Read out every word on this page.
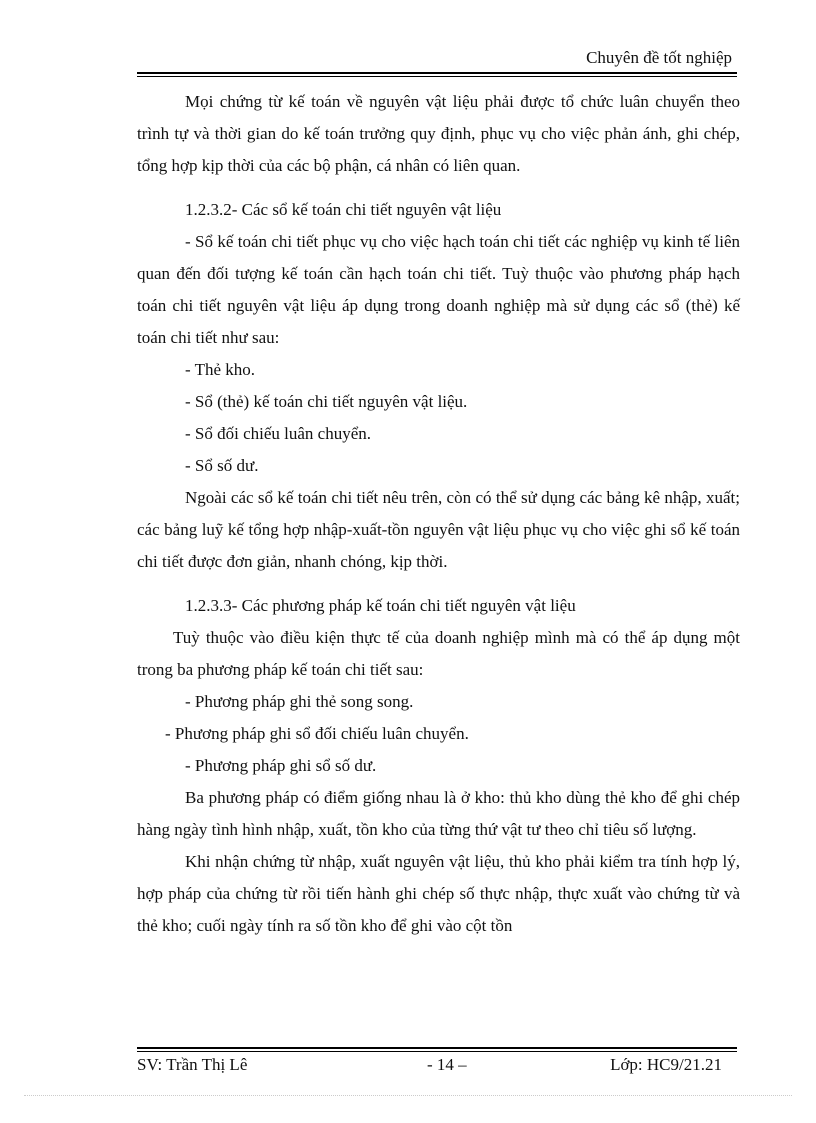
Chuyên đề tốt nghiệp

Mọi chứng từ kế toán về nguyên vật liệu phải được tổ chức luân chuyển theo trình tự và thời gian do kế toán trưởng quy định, phục vụ cho việc phản ánh, ghi chép, tổng hợp kịp thời của các bộ phận, cá nhân có liên quan.

1.2.3.2- Các sổ kế toán chi tiết nguyên vật liệu

- Sổ kế toán chi tiết phục vụ cho việc hạch toán chi tiết các nghiệp vụ kinh tế liên quan đến đối tượng kế toán cần hạch toán chi tiết. Tuỳ thuộc vào phương pháp hạch toán chi tiết nguyên vật liệu áp dụng trong doanh nghiệp mà sử dụng các sổ (thẻ) kế toán chi tiết như sau:

- Thẻ kho.

- Sổ (thẻ) kế toán chi tiết nguyên vật liệu.

- Sổ đối chiếu luân chuyển.

- Sổ số dư.

Ngoài các sổ kế toán chi tiết nêu trên, còn có thể sử dụng các bảng kê nhập, xuất; các bảng luỹ kế tổng hợp nhập-xuất-tồn nguyên vật liệu phục vụ cho việc ghi sổ kế toán chi tiết được đơn giản, nhanh chóng, kịp thời.

1.2.3.3- Các phương pháp kế toán chi tiết nguyên vật liệu

Tuỳ thuộc vào điều kiện thực tế của doanh nghiệp mình mà có thể áp dụng một trong ba phương pháp kế toán chi tiết sau:

- Phương pháp ghi thẻ song song.

- Phương pháp ghi sổ đối chiếu luân chuyển.

- Phương pháp ghi sổ số dư.

Ba phương pháp có điểm giống nhau là ở kho: thủ kho dùng thẻ kho để ghi chép hàng ngày tình hình nhập, xuất, tồn kho của từng thứ vật tư theo chỉ tiêu số lượng.

Khi nhận chứng từ nhập, xuất nguyên vật liệu, thủ kho phải kiểm tra tính hợp lý, hợp pháp của chứng từ rồi tiến hành ghi chép số thực nhập, thực xuất vào chứng từ và thẻ kho; cuối ngày tính ra số tồn kho để ghi vào cột tồn

SV: Trần Thị Lê	- 14 –	Lớp: HC9/21.21
